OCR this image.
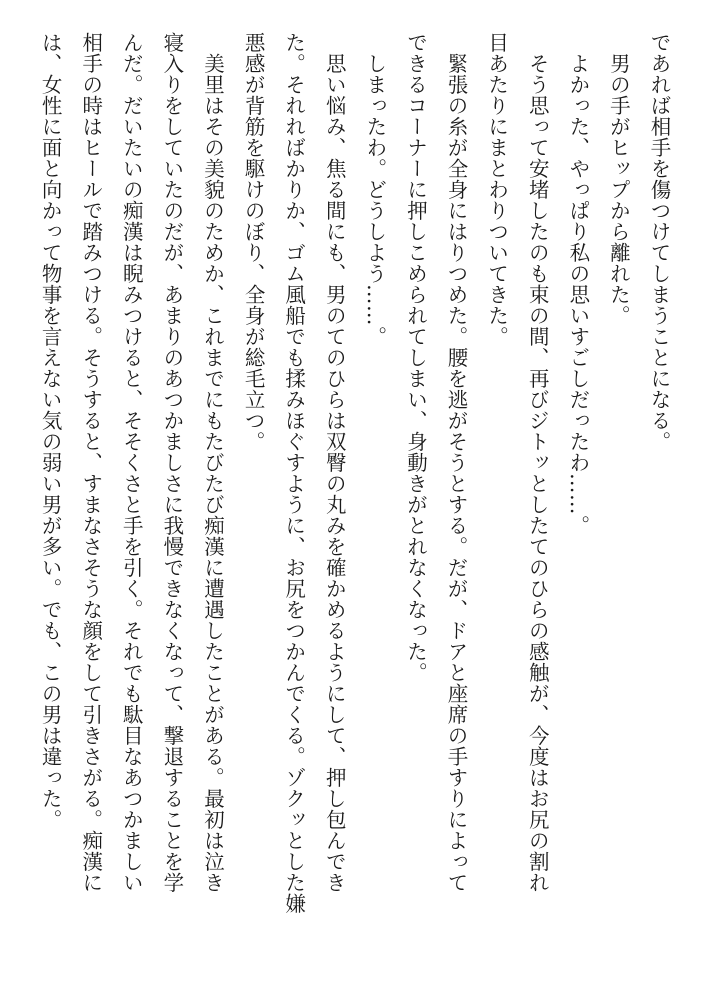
であれば相手を傷つけてしまうことになる。
　男の手がヒップから離れた。
　よかった、やっぱり私の思いすごしだったわ……。
　そう思って安堵したのも束の間、再びジトッとしたてのひらの感触が、今度はお尻の割れ
目あたりにまとわりついてきた。
　緊張の糸が全身にはりつめた。腰を逃がそうとする。だが、ドアと座席の手すりによって
できるコーナーに押しこめられてしまい、身動きがとれなくなった。
　しまったわ。どうしよう……。
　思い悩み、焦る間にも、男のてのひらは双臀の丸みを確かめるようにして、押し包んでき
た。それればかりか、ゴム風船でも揉みほぐすように、お尻をつかんでくる。ゾクッとした嫌
悪感が背筋を駆けのぼり、全身が総毛立つ。
　美里はその美貌のためか、これまでにもたびたび痴漢に遭遇したことがある。最初は泣き
寝入りをしていたのだが、あまりのあつかましさに我慢できなくなって、撃退することを学
んだ。だいたいの痴漢は睨みつけると、そそくさと手を引く。それでも駄目なあつかましい
相手の時はヒールで踏みつける。そうすると、すまなさそうな顔をして引きさがる。痴漢に
は、女性に面と向かって物事を言えない気の弱い男が多い。でも、この男は違った。
